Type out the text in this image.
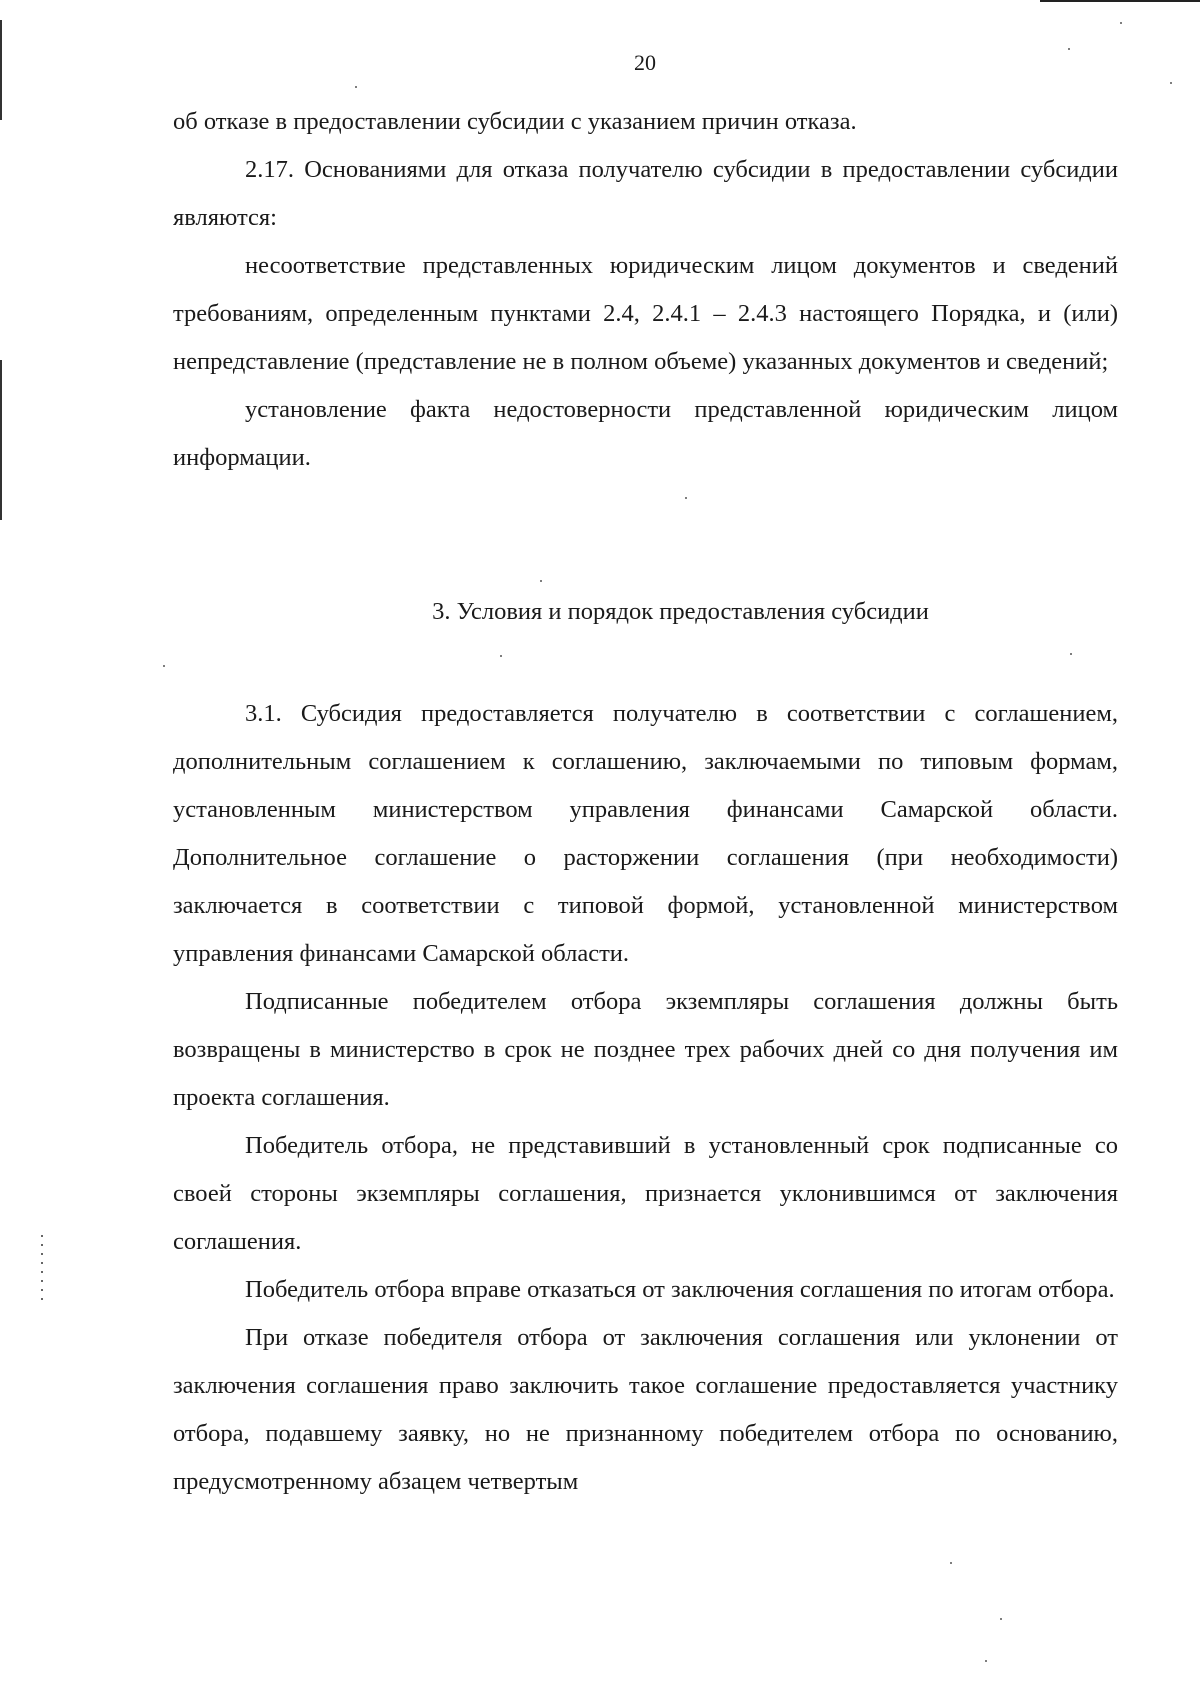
20

об отказе в предоставлении субсидии с указанием причин отказа.

2.17. Основаниями для отказа получателю субсидии в предоставлении субсидии являются:

несоответствие представленных юридическим лицом документов и сведений требованиям, определенным пунктами 2.4, 2.4.1 – 2.4.3 настоящего Порядка, и (или) непредставление (представление не в полном объеме) указанных документов и сведений;

установление факта недостоверности представленной юридическим лицом информации.

3. Условия и порядок предоставления субсидии

3.1. Субсидия предоставляется получателю в соответствии с соглашением, дополнительным соглашением к соглашению, заключаемыми по типовым формам, установленным министерством управления финансами Самарской области. Дополнительное соглашение о расторжении соглашения (при необходимости) заключается в соответствии с типовой формой, установленной министерством управления финансами Самарской области.

Подписанные победителем отбора экземпляры соглашения должны быть возвращены в министерство в срок не позднее трех рабочих дней со дня получения им проекта соглашения.

Победитель отбора, не представивший в установленный срок подписанные со своей стороны экземпляры соглашения, признается уклонившимся от заключения соглашения.

Победитель отбора вправе отказаться от заключения соглашения по итогам отбора.

При отказе победителя отбора от заключения соглашения или уклонении от заключения соглашения право заключить такое соглашение предоставляется участнику отбора, подавшему заявку, но не признанному победителем отбора по основанию, предусмотренному абзацем четвертым
